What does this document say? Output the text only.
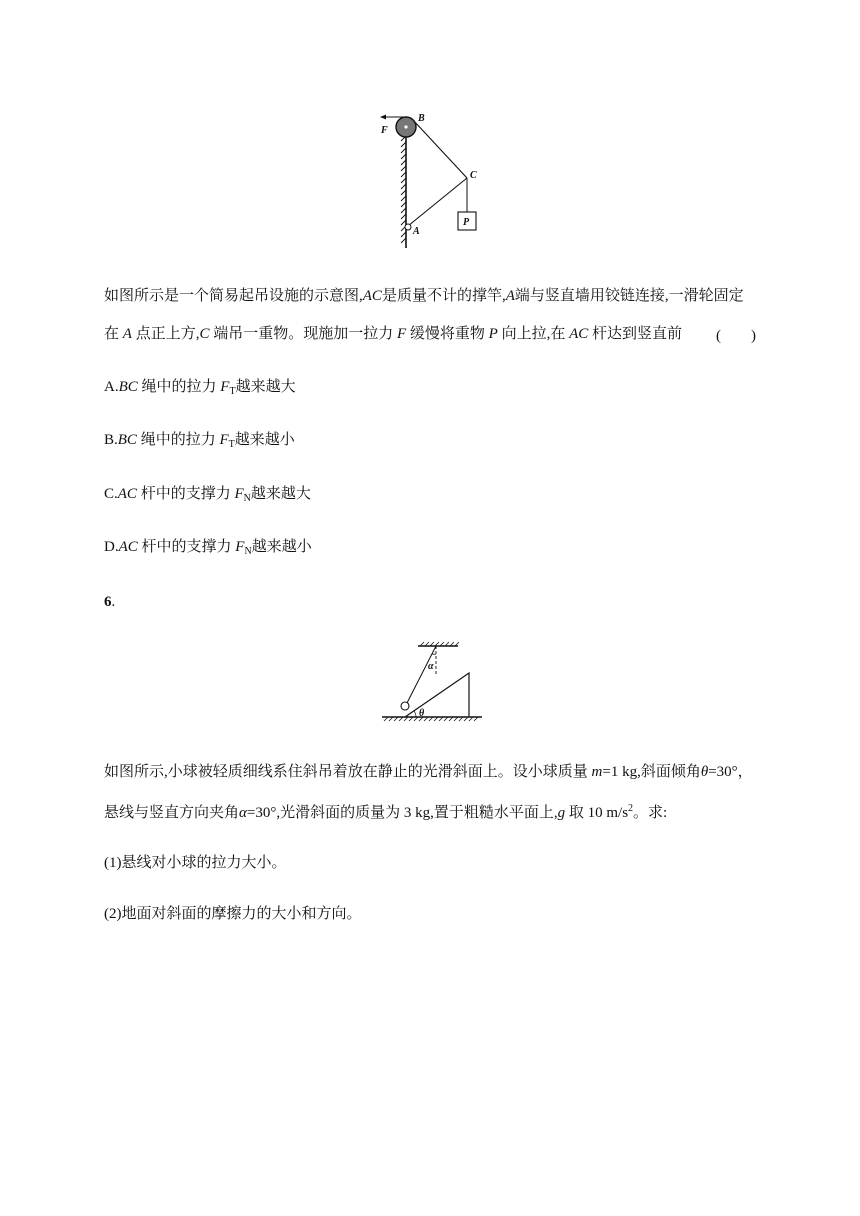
P
F
B
C
A
如图所示是一个简易起吊设施的示意图,AC是质量不计的撑竿,A端与竖直墙用铰链连接,一滑轮固定
在 A 点正上方,C 端吊一重物。现施加一拉力 F 缓慢将重物 P 向上拉,在 AC 杆达到竖直前 (　　)
A.BC 绳中的拉力 $F_T$越来越大
B.BC 绳中的拉力 $F_T$越来越小
C.AC 杆中的支撑力 $F_N$越来越大
D.AC 杆中的支撑力 $F_N$越来越小
6.
α
θ
如图所示,小球被轻质细线系住斜吊着放在静止的光滑斜面上。设小球质量 m=1 kg,斜面倾角θ=30°，
悬线与竖直方向夹角α=30°,光滑斜面的质量为 3 kg,置于粗糙水平面上,g 取 10 $m/s^2$。求:
(1)悬线对小球的拉力大小。
(2)地面对斜面的摩擦力的大小和方向。
